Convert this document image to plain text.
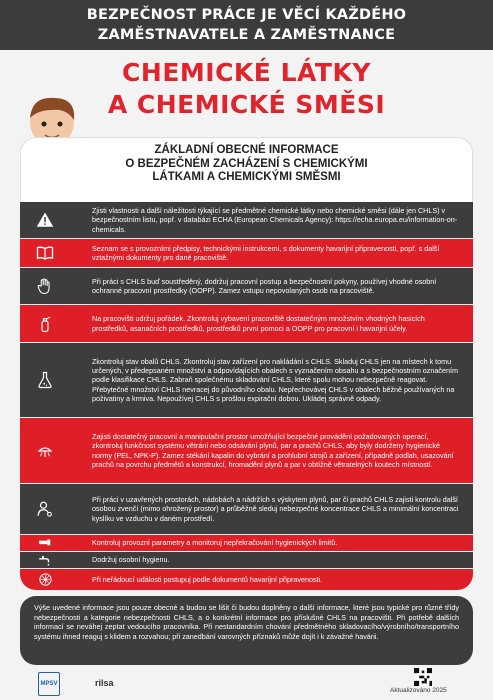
BEZPEČNOST PRÁCE JE VĚCÍ KAŽDÉHO
ZAMĚSTNAVATELE A ZAMĚSTNANCE
CHEMICKÉ LÁTKY
A CHEMICKÉ SMĚSI
ZÁKLADNÍ OBECNÉ INFORMACE
O BEZPEČNÉM ZACHÁZENÍ S CHEMICKÝMI
LÁTKAMI A CHEMICKÝMI SMĚSMI
Zjisti vlastnosti a další náležitosti týkající se předmětné chemické látky nebo chemické směsi (dále jen CHLS) v bezpečnostním listu, popř. v databázi ECHA (European Chemicals Agency): https://echa.europa.eu/information-on-chemicals.
Seznam se s provozními předpisy, technickými instrukcemi, s dokumenty havarijní připravenosti, popř. s další vztažnými dokumenty pro dané pracoviště.
Při práci s CHLS buď soustředěný, dodržuj pracovní postup a bezpečnostní pokyny, používej vhodné osobní ochranné pracovní prostředky (OOPP). Zamez vstupu nepovolaných osob na pracoviště.
Na pracovišti udržuj pořádek. Zkontroluj vybavení pracoviště dostatečným množstvím vhodných hasicích prostředků, asanačních prostředků, prostředků první pomoci a OOPP pro pracovní i havarijní účely.
Zkontroluj stav obalů CHLS. Zkontroluj stav zařízení pro nakládání s CHLS. Skladuj CHLS jen na místech k tomu určených, v předepsaném množství a odpovídajících obalech s vyznačením obsahu a s bezpečnostním označením podle klasifikace CHLS. Zabraň společnému skladování CHLS, které spolu mohou nebezpečně reagovat. Přebytečné množství CHLS nevracej do původního obalu. Nepřechovávej CHLS v obalech běžně používaných na poživatiny a krmiva. Nepoužívej CHLS s prošlou expirační dobou. Ukládej správně odpady.
Zajisti dostatečný pracovní a manipulační prostor umožňující bezpečné provádění požadovaných operací, zkontroluj funkčnost systému větrání nebo odsávání plynů, par a prachů CHLS, aby byly dodrženy hygienické normy (PEL, NPK-P). Zamez stékání kapalin do vybrání a prohlubní strojů a zařízení, případně podlah, usazování prachů na povrchu předmětů a konstrukcí, hromadění plynů a par v obtížně větratelných koutech místností.
Při práci v uzavřených prostorách, nádobách a nádržích s výskytem plynů, par či prachů CHLS zajisti kontrolu další osobou zvenčí (mimo ohrožený prostor) a průběžně sleduj nebezpečné koncentrace CHLS a minimální koncentraci kyslíku ve vzduchu v daném prostředí.
Kontroluj provozní parametry a monitoruj nepřekračování hygienických limitů.
Dodržuj osobní hygienu.
Při neřádoucí události postupuj podle dokumentů havarijní připravenosti.
Výše uvedené informace jsou pouze obecné a budou se lišit či budou doplněny o další informace, které jsou typické pro různé třídy nebezpečnosti a kategorie nebezpečnosti CHLS, a o konkrétní informace pro příslušné CHLS na pracovišti. Při potřebě dalších informací se neváhej zeptat vedoucího pracovníka. Při nestandardním chování předmětného skladovacího/výrobního/transportního systému ihned reaguj s klidem a rozvahou; při zanedbání varovných příznaků může dojít i k závažné havárii.
MPSV	rilsa
Aktualizováno 2025
